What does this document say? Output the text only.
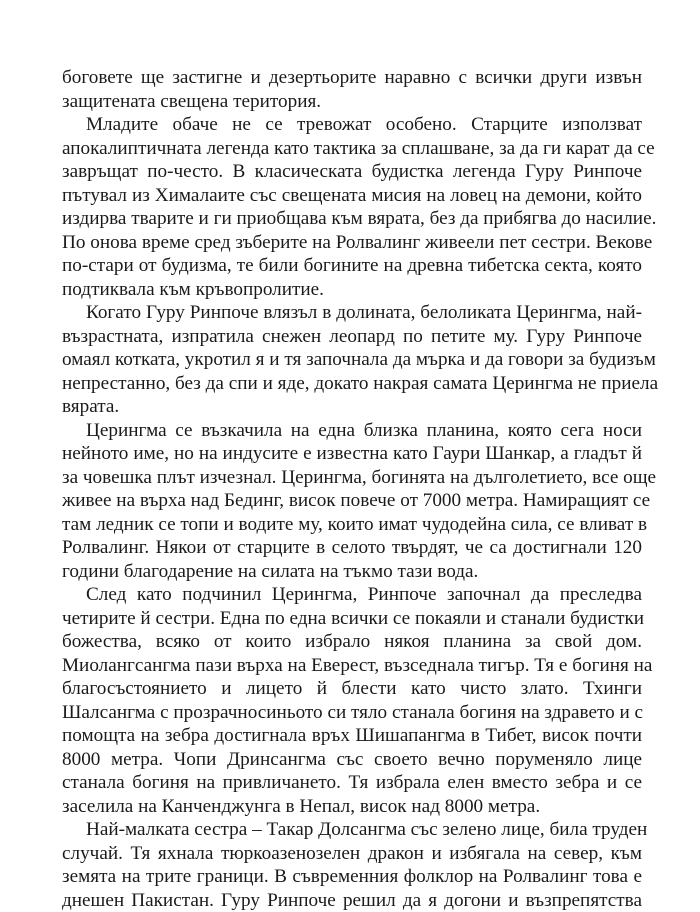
боговете ще застигне и дезертьорите наравно с всички други извън
защитената свещена територия.
Младите обаче не се тревожат особено. Старците използват
апокалиптичната легенда като тактика за сплашване, за да ги карат да се
завръщат по-често. В класическата будистка легенда Гуру Ринпоче
пътувал из Хималаите със свещената мисия на ловец на демони, който
издирва тварите и ги приобщава към вярата, без да прибягва до насилие.
По онова време сред зъберите на Ролвалинг живеели пет сестри. Векове
по-стари от будизма, те били богините на древна тибетска секта, която
подтиквала към кръвопролитие.
Когато Гуру Ринпоче влязъл в долината, белоликата Церингма, най-
възрастната, изпратила снежен леопард по петите му. Гуру Ринпоче
омаял котката, укротил я и тя започнала да мърка и да говори за будизъм
непрестанно, без да спи и яде, докато накрая самата Церингма не приела
вярата.
Церингма се възкачила на една близка планина, която сега носи
нейното име, но на индусите е известна като Гаури Шанкар, а гладът й
за човешка плът изчезнал. Церингма, богинята на дълголетието, все още
живее на върха над Бединг, висок повече от 7000 метра. Намиращият се
там ледник се топи и водите му, които имат чудодейна сила, се вливат в
Ролвалинг. Някои от старците в селото твърдят, че са достигнали 120
години благодарение на силата на тъкмо тази вода.
След като подчинил Церингма, Ринпоче започнал да преследва
четирите й сестри. Една по една всички се покаяли и станали будистки
божества, всяко от които избрало някоя планина за свой дом.
Миолангсангма пази върха на Еверест, възседнала тигър. Тя е богиня на
благосъстоянието и лицето й блести като чисто злато. Тхинги
Шалсангма с прозрачносиньото си тяло станала богиня на здравето и с
помощта на зебра достигнала връх Шишапангма в Тибет, висок почти
8000 метра. Чопи Дринсангма със своето вечно поруменяло лице
станала богиня на привличането. Тя избрала елен вместо зебра и се
заселила на Канченджунга в Непал, висок над 8000 метра.
Най-малката сестра – Такар Долсангма със зелено лице, била труден
случай. Тя яхнала тюркоазенозелен дракон и избягала на север, към
земята на трите граници. В съвременния фолклор на Ролвалинг това е
днешен Пакистан. Гуру Ринпоче решил да я догони и възпрепятства
